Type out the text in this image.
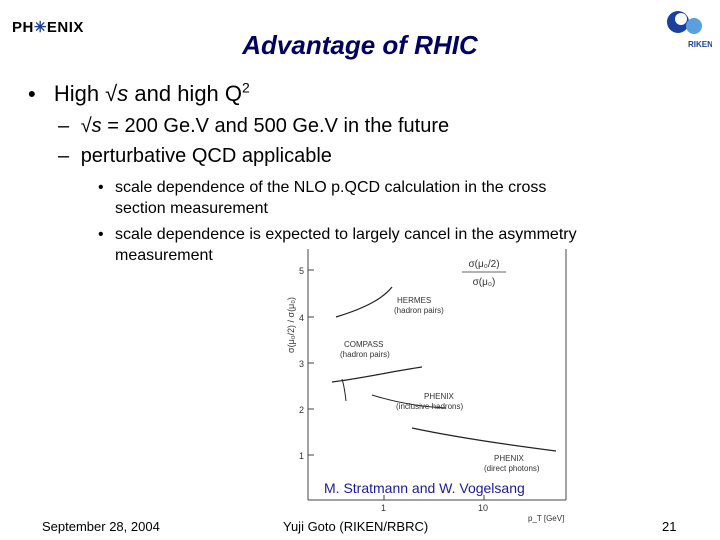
PH✳ENIX
RIKEN
Advantage of RHIC
• High √s and high $Q^2$
– √s = 200 Ge.V and 500 Ge.V in the future
– perturbative QCD applicable
• scale dependence of the NLO p.QCD calculation in the cross
section measurement
• scale dependence is expected to largely cancel in the asymmetry
measurement
5
4
3
2
1
σ(μ₀/2) / σ(μ₀)
σ(μ₀/2)
σ(μ₀)
HERMES
(hadron pairs)
COMPASS
(hadron pairs)
PHENIX
(inclusive hadrons)
PHENIX
(direct photons)
M. Stratmann and W. Vogelsang
1	10
p_T [GeV]
September 28, 2004	Yuji Goto (RIKEN/RBRC)	21
